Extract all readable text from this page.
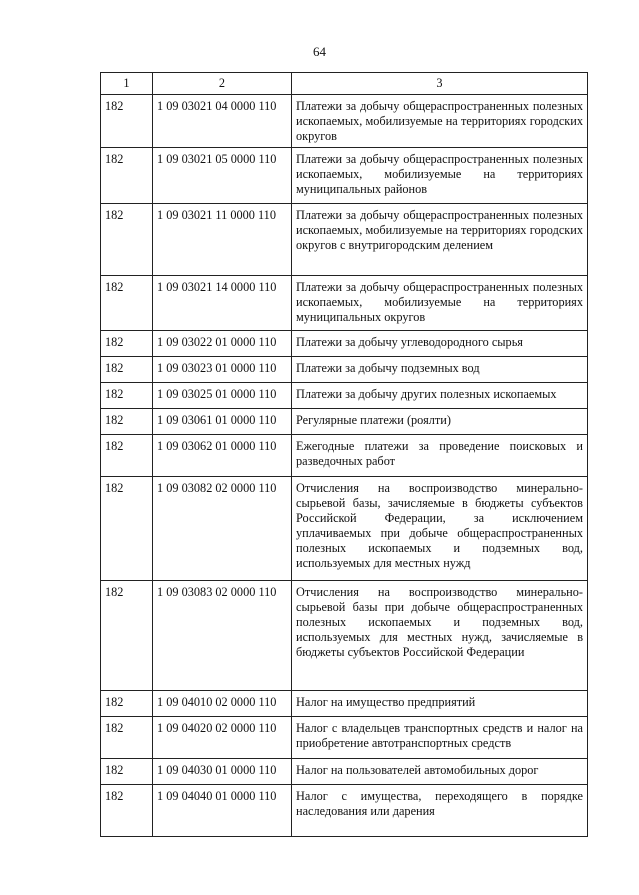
64
1	2	3
182	1 09 03021 04 0000 110	Платежи за добычу общераспространенных полезных ископаемых, мобилизуемые на территориях городских округов
182	1 09 03021 05 0000 110	Платежи за добычу общераспространенных полезных ископаемых, мобилизуемые на территориях муниципальных районов
182	1 09 03021 11 0000 110	Платежи за добычу общераспространенных полезных ископаемых, мобилизуемые на территориях городских округов с внутригородским делением
182	1 09 03021 14 0000 110	Платежи за добычу общераспространенных полезных ископаемых, мобилизуемые на территориях муниципальных округов
182	1 09 03022 01 0000 110	Платежи за добычу углеводородного сырья
182	1 09 03023 01 0000 110	Платежи за добычу подземных вод
182	1 09 03025 01 0000 110	Платежи за добычу других полезных ископаемых
182	1 09 03061 01 0000 110	Регулярные платежи (роялти)
182	1 09 03062 01 0000 110	Ежегодные платежи за проведение поисковых и разведочных работ
182	1 09 03082 02 0000 110	Отчисления на воспроизводство минерально-сырьевой базы, зачисляемые в бюджеты субъектов Российской Федерации, за исключением уплачиваемых при добыче общераспространенных полезных ископаемых и подземных вод, используемых для местных нужд
182	1 09 03083 02 0000 110	Отчисления на воспроизводство минерально-сырьевой базы при добыче общераспространенных полезных ископаемых и подземных вод, используемых для местных нужд, зачисляемые в бюджеты субъектов Российской Федерации
182	1 09 04010 02 0000 110	Налог на имущество предприятий
182	1 09 04020 02 0000 110	Налог с владельцев транспортных средств и налог на приобретение автотранспортных средств
182	1 09 04030 01 0000 110	Налог на пользователей автомобильных дорог
182	1 09 04040 01 0000 110	Налог с имущества, переходящего в порядке наследования или дарения
